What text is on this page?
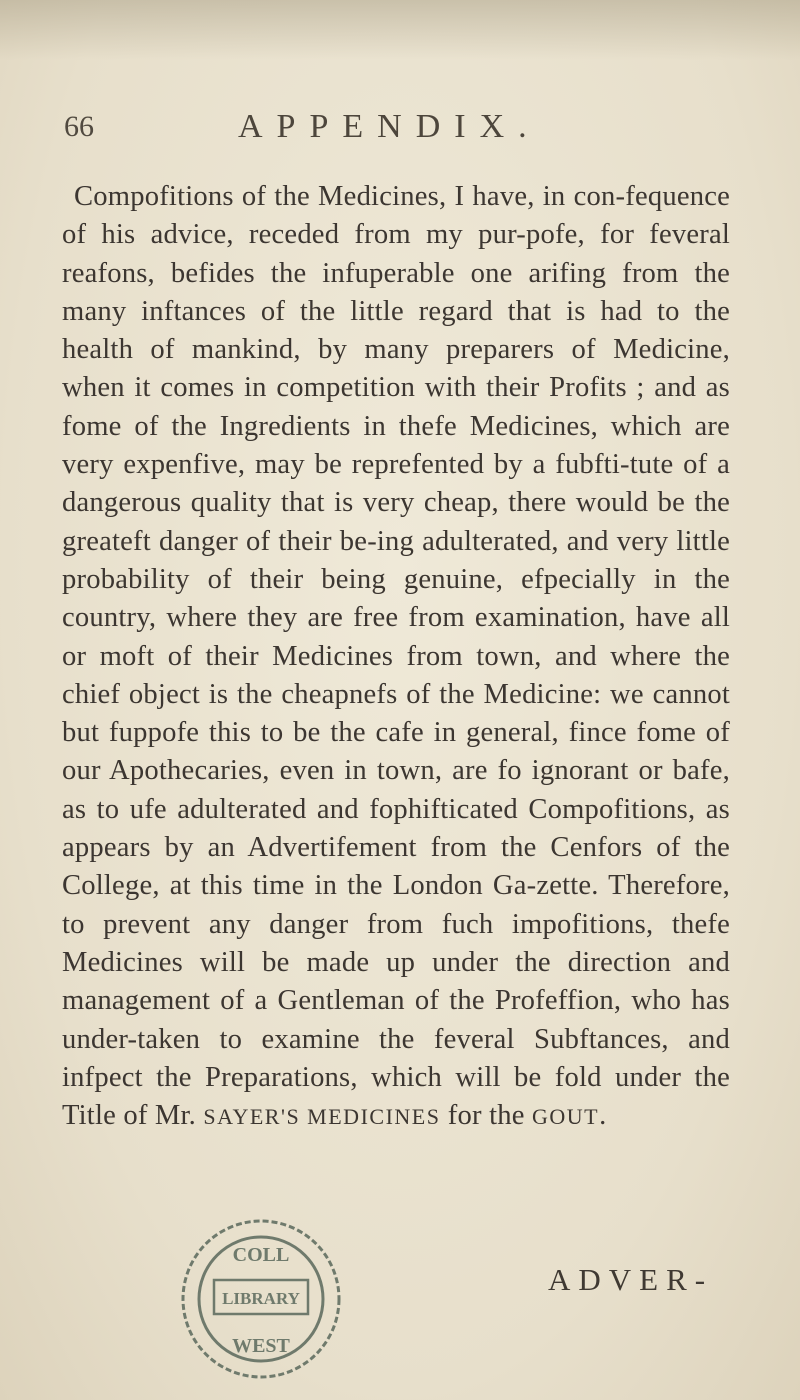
66	APPENDIX.
Compofitions of the Medicines, I have, in con-fequence of his advice, receded from my pur-pofe, for feveral reafons, befides the infuperable one arifing from the many inftances of the little regard that is had to the health of mankind, by many preparers of Medicine, when it comes in competition with their Profits ; and as fome of the Ingredients in thefe Medicines, which are very expenfive, may be reprefented by a fubfti-tute of a dangerous quality that is very cheap, there would be the greateft danger of their be-ing adulterated, and very little probability of their being genuine, efpecially in the country, where they are free from examination, have all or moft of their Medicines from town, and where the chief object is the cheapnefs of the Medicine: we cannot but fuppofe this to be the cafe in general, fince fome of our Apothecaries, even in town, are fo ignorant or bafe, as to ufe adulterated and fophifticated Compofitions, as appears by an Advertifement from the Cenfors of the College, at this time in the London Ga-zette. Therefore, to prevent any danger from fuch impofitions, thefe Medicines will be made up under the direction and management of a Gentleman of the Profeffion, who has under-taken to examine the feveral Subftances, and infpect the Preparations, which will be fold under the Title of Mr. SAYER'S MEDICINES for the GOUT.
COLL
LIBRARY
WEST
ADVER-
